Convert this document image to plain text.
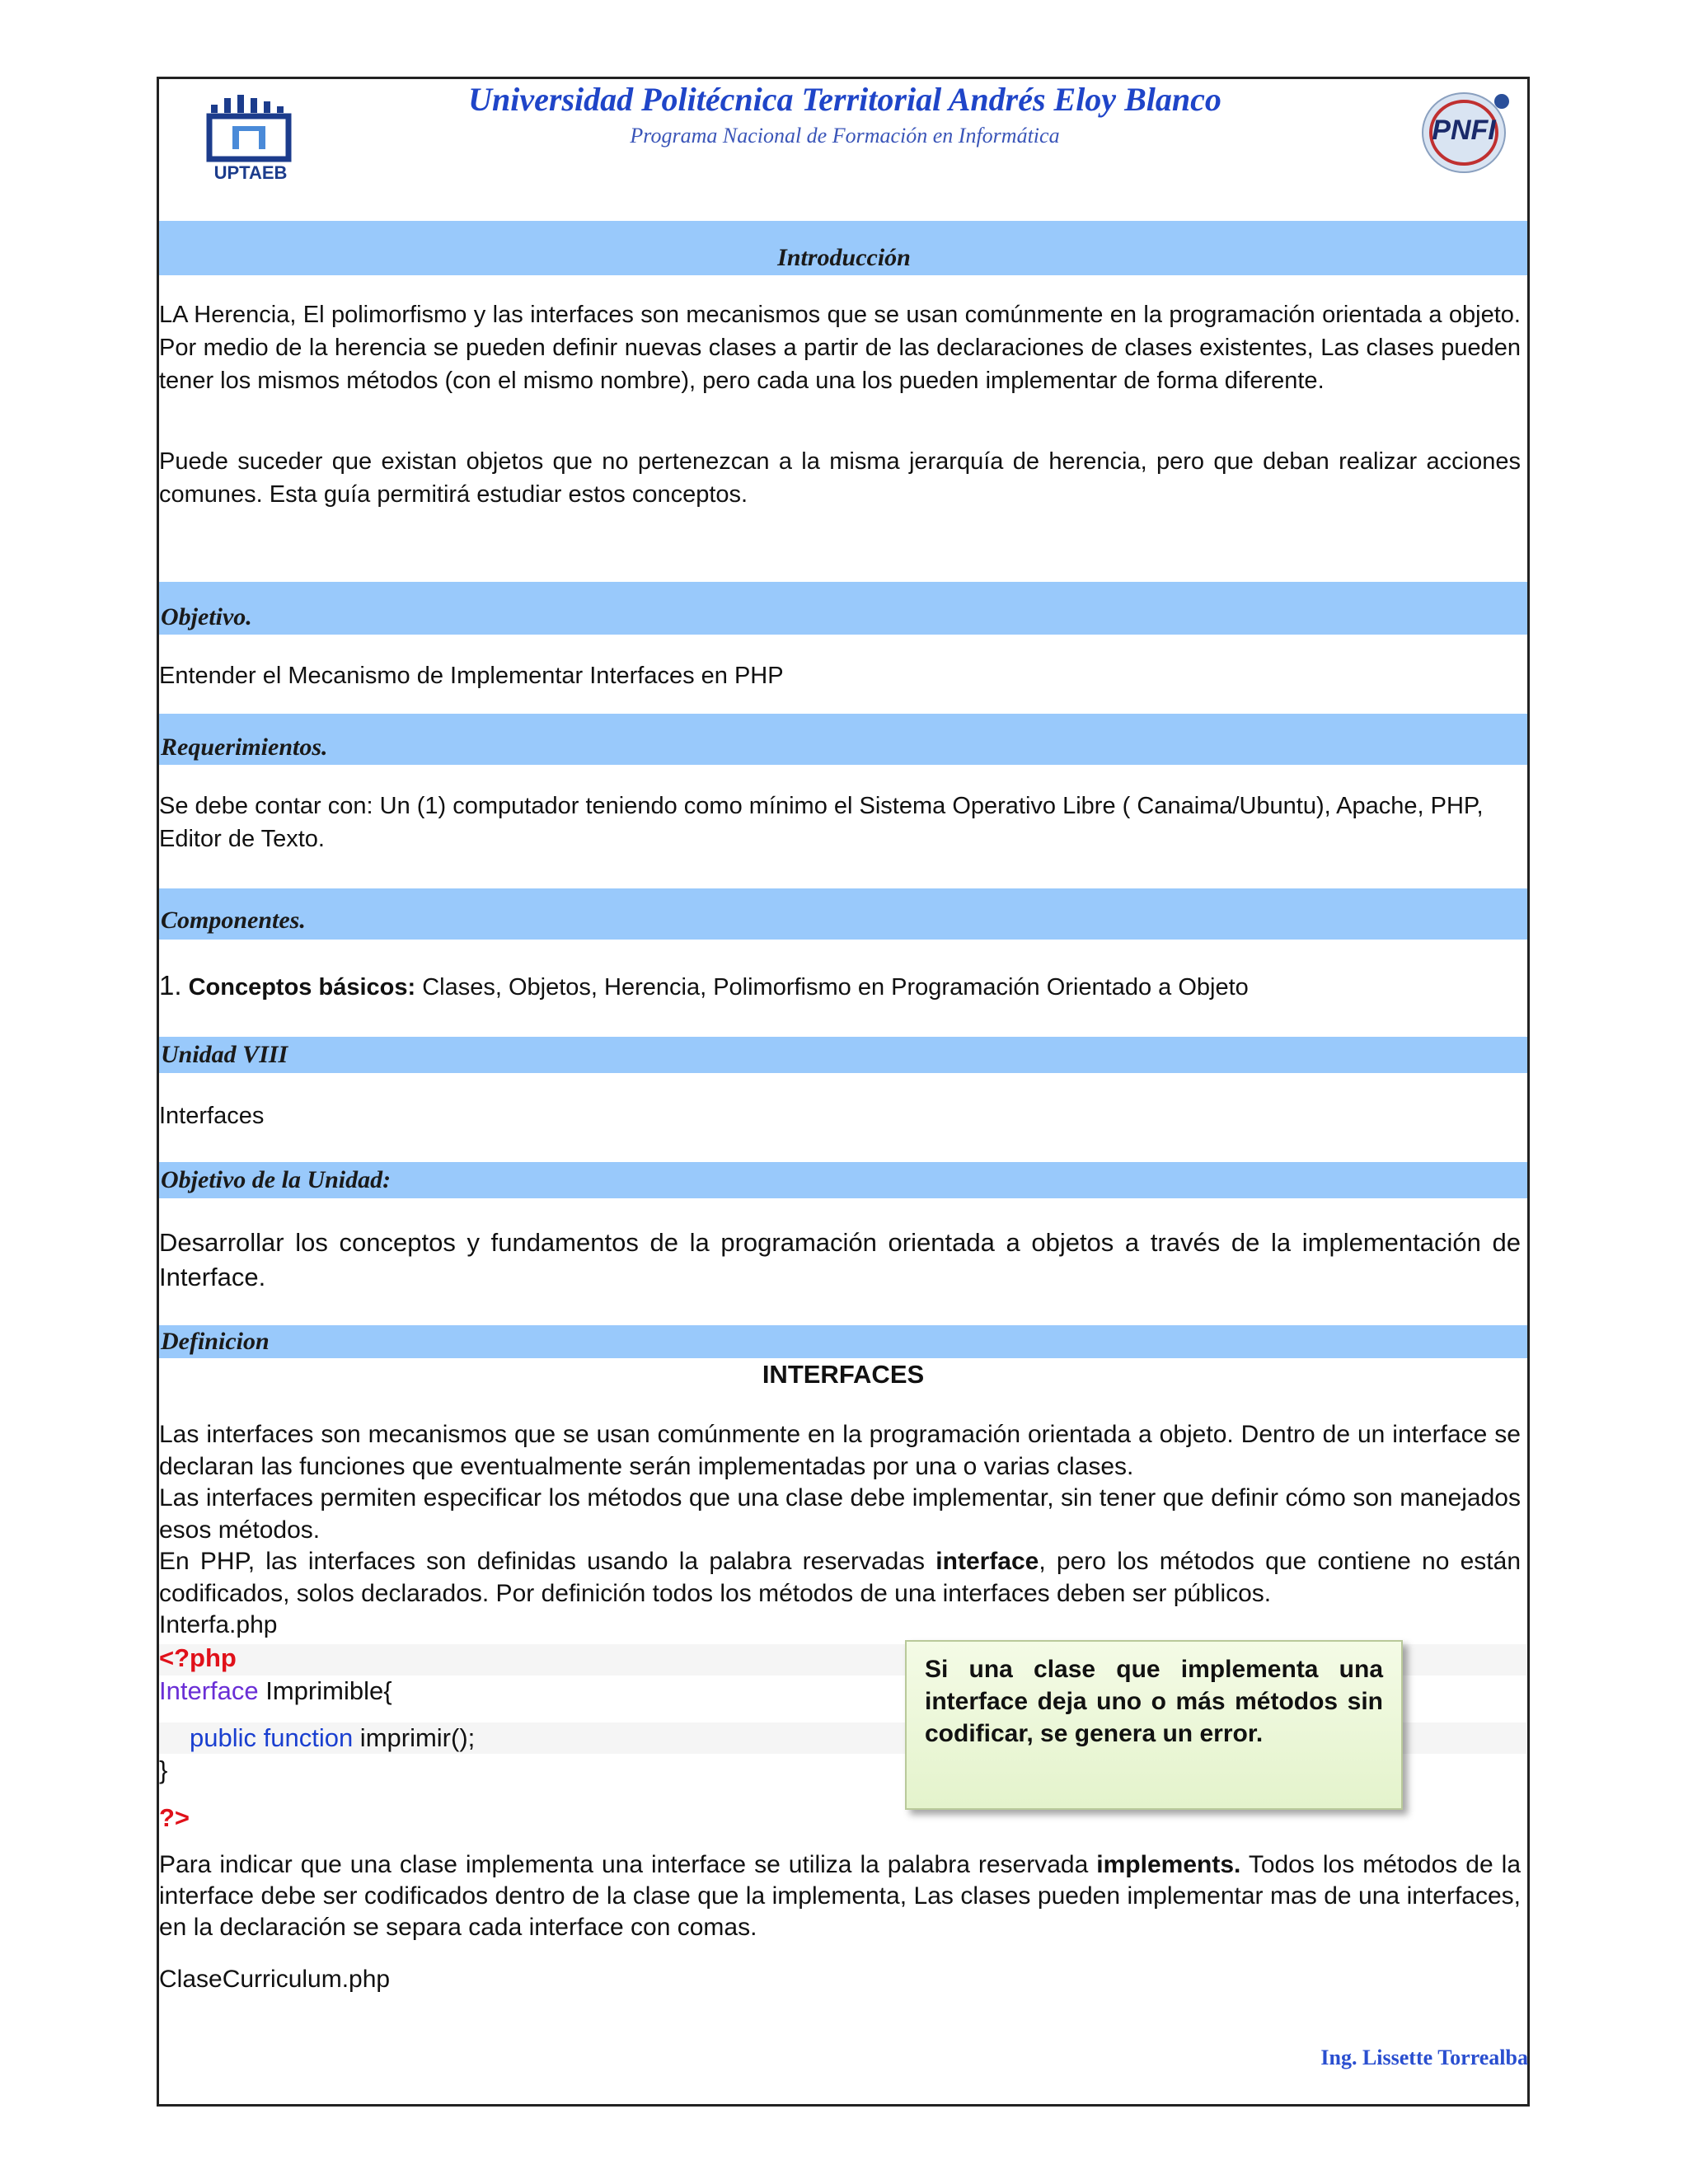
UPTAEB
PNFI
Universidad Politécnica Territorial Andrés Eloy Blanco
Programa Nacional de Formación en Informática
Introducción
LA Herencia, El polimorfismo y las interfaces son mecanismos que se usan comúnmente en la programación orientada a objeto. Por medio de la herencia se pueden definir nuevas clases a partir de las declaraciones de clases existentes, Las clases pueden tener los mismos métodos (con el mismo nombre), pero cada una los pueden implementar de forma diferente.
Puede suceder que existan objetos que no pertenezcan a la misma jerarquía de herencia, pero que deban realizar acciones comunes. Esta guía permitirá estudiar estos conceptos.
Objetivo.
Entender el Mecanismo de Implementar Interfaces en PHP
Requerimientos.
Se debe contar con: Un (1) computador teniendo como mínimo el Sistema Operativo Libre ( Canaima/Ubuntu), Apache, PHP, Editor de Texto.
Componentes.
1. Conceptos básicos: Clases, Objetos, Herencia, Polimorfismo en Programación Orientado a Objeto
Unidad VIII
Interfaces
Objetivo de la Unidad:
Desarrollar los conceptos y fundamentos de la programación orientada a objetos a través de la implementación de Interface.
Definicion
INTERFACES
Las interfaces son mecanismos que se usan comúnmente en la programación orientada a objeto. Dentro de un interface se declaran las funciones que eventualmente serán implementadas por una o varias clases.
Las interfaces permiten especificar los métodos que una clase debe implementar, sin tener que definir cómo son manejados esos métodos.
En PHP, las interfaces son definidas usando la palabra reservadas interface, pero los métodos que contiene no están codificados, solos declarados. Por definición todos los métodos de una interfaces deben ser públicos.
Interfa.php
<?php
Interface Imprimible{
public function imprimir();
}
?>
Si una clase que implementa una interface deja uno o más métodos sin codificar, se genera un error.
Para indicar que una clase implementa una interface se utiliza la palabra reservada implements. Todos los métodos de la interface debe ser codificados dentro de la clase que la implementa, Las clases pueden implementar mas de una interfaces, en la declaración se separa cada interface con comas.
ClaseCurriculum.php
Ing. Lissette Torrealba
